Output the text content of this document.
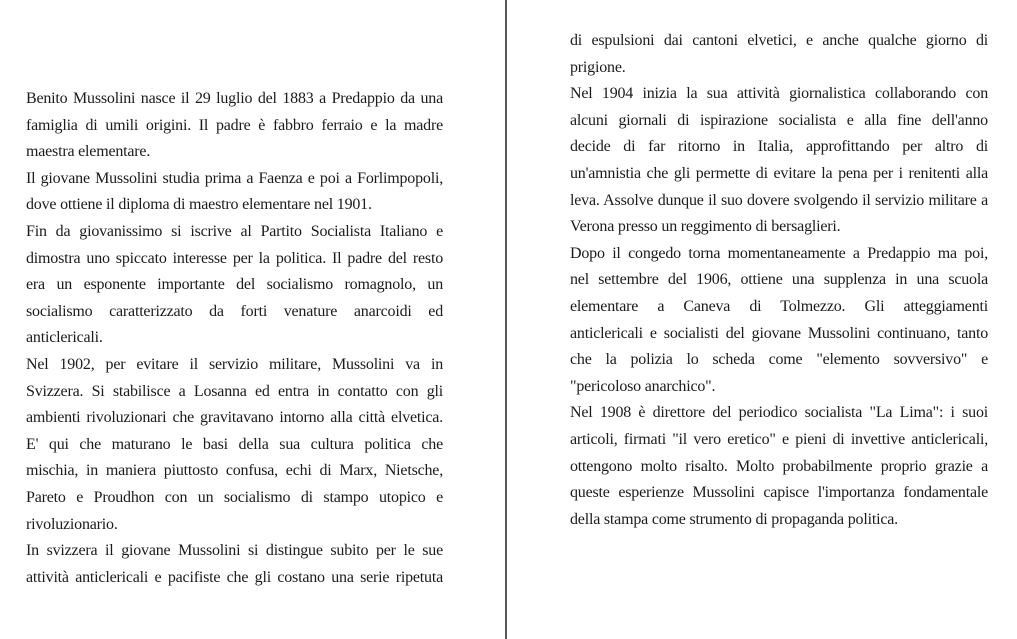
Benito Mussolini nasce il 29 luglio del 1883 a Predappio da una
famiglia di umili origini. Il padre è fabbro ferraio e la madre
maestra elementare.
Il giovane Mussolini studia prima a Faenza e poi a Forlimpopoli,
dove ottiene il diploma di maestro elementare nel 1901.
Fin da giovanissimo si iscrive al Partito Socialista Italiano e
dimostra uno spiccato interesse per la politica. Il padre del resto
era un esponente importante del socialismo romagnolo, un
socialismo caratterizzato da forti venature anarcoidi ed
anticlericali.
Nel 1902, per evitare il servizio militare, Mussolini va in
Svizzera. Si stabilisce a Losanna ed entra in contatto con gli
ambienti rivoluzionari che gravitavano intorno alla città elvetica.
E' qui che maturano le basi della sua cultura politica che
mischia, in maniera piuttosto confusa, echi di Marx, Nietsche,
Pareto e Proudhon con un socialismo di stampo utopico e
rivoluzionario.
In svizzera il giovane Mussolini si distingue subito per le sue
attività anticlericali e pacifiste che gli costano una serie ripetuta
di espulsioni dai cantoni elvetici, e anche qualche giorno di
prigione.
Nel 1904 inizia la sua attività giornalistica collaborando con
alcuni giornali di ispirazione socialista e alla fine dell'anno
decide di far ritorno in Italia, approfittando per altro di
un'amnistia che gli permette di evitare la pena per i renitenti alla
leva. Assolve dunque il suo dovere svolgendo il servizio militare a
Verona presso un reggimento di bersaglieri.
Dopo il congedo torna momentaneamente a Predappio ma poi,
nel settembre del 1906, ottiene una supplenza in una scuola
elementare a Caneva di Tolmezzo. Gli atteggiamenti
anticlericali e socialisti del giovane Mussolini continuano, tanto
che la polizia lo scheda come "elemento sovversivo" e
"pericoloso anarchico".
Nel 1908 è direttore del periodico socialista "La Lima": i suoi
articoli, firmati "il vero eretico" e pieni di invettive anticlericali,
ottengono molto risalto. Molto probabilmente proprio grazie a
queste esperienze Mussolini capisce l'importanza fondamentale
della stampa come strumento di propaganda politica.
